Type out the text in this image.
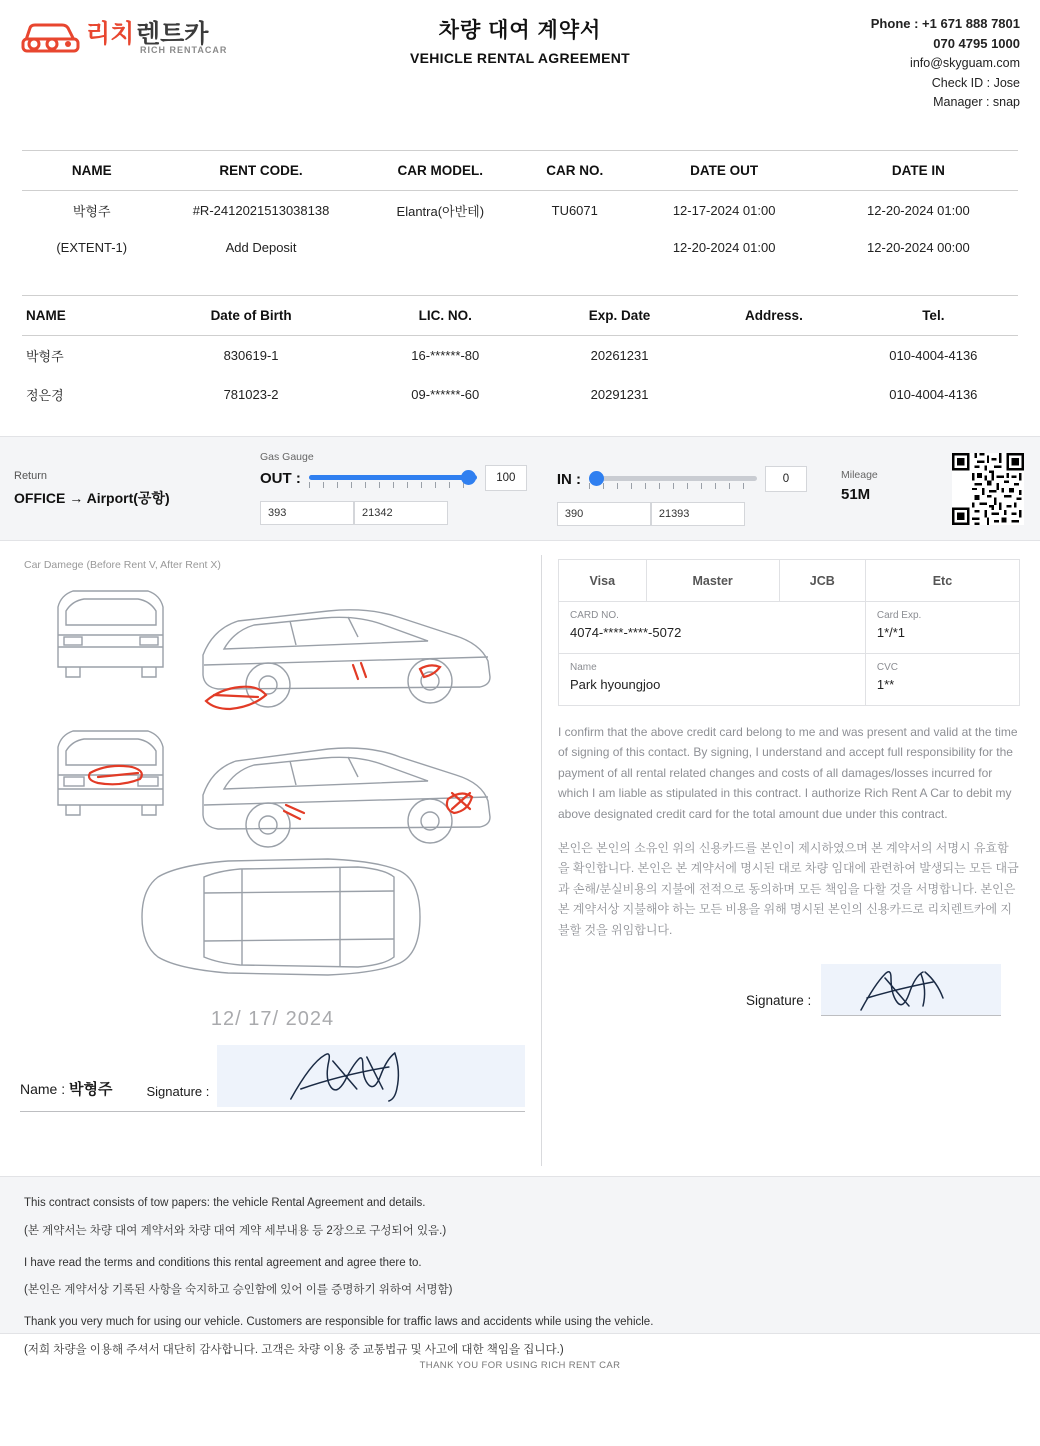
리치 렌트카
RICH RENTACAR
차량 대여 계약서
VEHICLE RENTAL AGREEMENT
Phone : +1 671 888 7801
070 4795 1000
info@skyguam.com
Check ID : Jose
Manager : snap
NAME	RENT CODE.	CAR MODEL.	CAR NO.	DATE OUT	DATE IN
박형주	#R-2412021513038138	Elantra(아반테)	TU6071	12-17-2024 01:00	12-20-2024 01:00
(EXTENT-1)	Add Deposit			12-20-2024 01:00	12-20-2024 00:00
NAME	Date of Birth	LIC. NO.	Exp. Date	Address.	Tel.
박형주	830619-1	16-******-80	20261231		010-4004-4136
정은경	781023-2	09-******-60	20291231		010-4004-4136
Return
OFFICE → Airport(공항)
Gas Gauge
OUT :	100
393	21342
IN :	0
390	21393
Mileage
51M
Car Damege (Before Rent V, After Rent X)
12/ 17/ 2024
Name : 박형주	Signature :
Visa	Master	JCB	Etc

CARD NO.
4074-****-****-5072

Card Exp.
1*/*1

Name
Park hyoungjoo

CVC
1**
I confirm that the above credit card belong to me and was present and valid at the time of signing of this contact. By signing, I understand and accept full responsibility for the payment of all rental related changes and costs of all damages/losses incurred for which I am liable as stipulated in this contract. I authorize Rich Rent A Car to debit my above designated credit card for the total amount due under this contract.
본인은 본인의 소유인 위의 신용카드를 본인이 제시하였으며 본 계약서의 서명시 유효함을 확인합니다. 본인은 본 계약서에 명시된 대로 차량 임대에 관련하여 발생되는 모든 대금과 손해/분실비용의 지불에 전적으로 동의하며 모든 책임을 다할 것을 서명합니다. 본인은 본 계약서상 지불해야 하는 모든 비용을 위해 명시된 본인의 신용카드로 리치렌트카에 지불할 것을 위임합니다.
Signature :

This contract consists of tow papers: the vehicle Rental Agreement and details.

(본 계약서는 차량 대여 계약서와 차량 대여 계약 세부내용 등 2장으로 구성되어 있음.)

I have read the terms and conditions this rental agreement and agree there to.

(본인은 계약서상 기록된 사항을 숙지하고 승인함에 있어 이를 증명하기 위하여 서명함)

Thank you very much for using our vehicle. Customers are responsible for traffic laws and accidents while using the vehicle.

(저희 차량을 이용해 주셔서 대단히 감사합니다. 고객은 차량 이용 중 교통법규 및 사고에 대한 책임을 집니다.)

THANK YOU FOR USING RICH RENT CAR
